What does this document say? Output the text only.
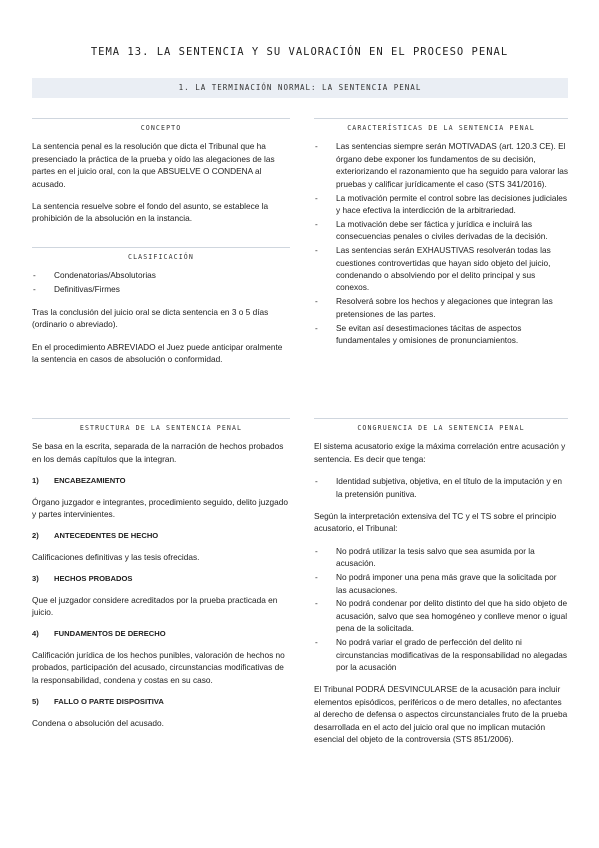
TEMA 13. LA SENTENCIA Y SU VALORACIÓN EN EL PROCESO PENAL
1. LA TERMINACIÓN NORMAL: LA SENTENCIA PENAL
CONCEPTO

La sentencia penal es la resolución que dicta el Tribunal que ha presenciado la práctica de la prueba y oído las alegaciones de las partes en el juicio oral, con la que ABSUELVE O CONDENA al acusado.

La sentencia resuelve sobre el fondo del asunto, se establece la prohibición de la absolución en la instancia.

CLASIFICACIÓN
- Condenatorias/Absolutorias
- Definitivas/Firmes

Tras la conclusión del juicio oral se dicta sentencia en 3 o 5 días (ordinario o abreviado).

En el procedimiento ABREVIADO el Juez puede anticipar oralmente la sentencia en casos de absolución o conformidad.

ESTRUCTURA DE LA SENTENCIA PENAL

Se basa en la escrita, separada de la narración de hechos probados en los demás capítulos que la integran.

1) ENCABEZAMIENTO

Órgano juzgador e integrantes, procedimiento seguido, delito juzgado y partes intervinientes.

2) ANTECEDENTES DE HECHO

Calificaciones definitivas y las tesis ofrecidas.

3) HECHOS PROBADOS

Que el juzgador considere acreditados por la prueba practicada en juicio.

4) FUNDAMENTOS DE DERECHO

Calificación jurídica de los hechos punibles, valoración de hechos no probados, participación del acusado, circunstancias modificativas de la responsabilidad, condena y costas en su caso.

5) FALLO O PARTE DISPOSITIVA

Condena o absolución del acusado.

CARACTERÍSTICAS DE LA SENTENCIA PENAL
- Las sentencias siempre serán MOTIVADAS (art. 120.3 CE). El órgano debe exponer los fundamentos de su decisión, exteriorizando el razonamiento que ha seguido para valorar las pruebas y calificar jurídicamente el caso (STS 341/2016).
- La motivación permite el control sobre las decisiones judiciales y hace efectiva la interdicción de la arbitrariedad.
- La motivación debe ser fáctica y jurídica e incluirá las consecuencias penales o civiles derivadas de la decisión.
- Las sentencias serán EXHAUSTIVAS resolverán todas las cuestiones controvertidas que hayan sido objeto del juicio, condenando o absolviendo por el delito principal y sus conexos.
- Resolverá sobre los hechos y alegaciones que integran las pretensiones de las partes.
- Se evitan así desestimaciones tácitas de aspectos fundamentales y omisiones de pronunciamientos.
CONGRUENCIA DE LA SENTENCIA PENAL

El sistema acusatorio exige la máxima correlación entre acusación y sentencia. Es decir que tenga:

- Identidad subjetiva, objetiva, en el título de la imputación y en la pretensión punitiva.

Según la interpretación extensiva del TC y el TS sobre el principio acusatorio, el Tribunal:

- No podrá utilizar la tesis salvo que sea asumida por la acusación.
- No podrá imponer una pena más grave que la solicitada por las acusaciones.
- No podrá condenar por delito distinto del que ha sido objeto de acusación, salvo que sea homogéneo y conlleve menor o igual pena de la solicitada.
- No podrá variar el grado de perfección del delito ni circunstancias modificativas de la responsabilidad no alegadas por la acusación

El Tribunal PODRÁ DESVINCULARSE de la acusación para incluir elementos episódicos, periféricos o de mero detalles, no afectantes al derecho de defensa o aspectos circunstanciales fruto de la prueba desarrollada en el acto del juicio oral que no implican mutación esencial del objeto de la controversia (STS 851/2006).
